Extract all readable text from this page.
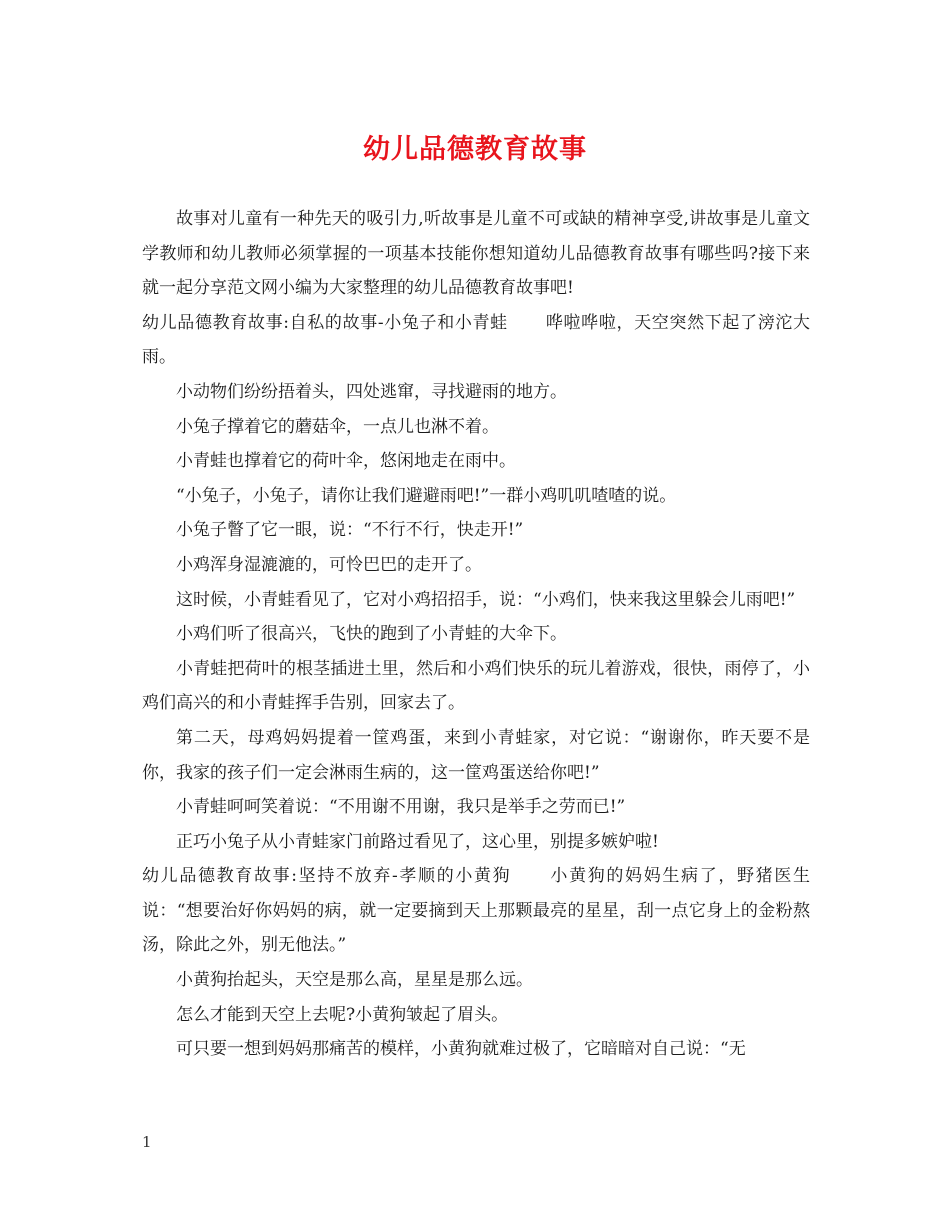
幼儿品德教育故事

故事对儿童有一种先天的吸引力,听故事是儿童不可或缺的精神享受,讲故事是儿童文学教师和幼儿教师必须掌握的一项基本技能你想知道幼儿品德教育故事有哪些吗?接下来就一起分享范文网小编为大家整理的幼儿品德教育故事吧!

幼儿品德教育故事:自私的故事-小兔子和小青蛙 哗啦哗啦，天空突然下起了滂沱大雨。

小动物们纷纷捂着头，四处逃窜，寻找避雨的地方。

小兔子撑着它的蘑菇伞，一点儿也淋不着。

小青蛙也撑着它的荷叶伞，悠闲地走在雨中。

“小兔子，小兔子，请你让我们避避雨吧!”一群小鸡叽叽喳喳的说。

小兔子瞥了它一眼，说：“不行不行，快走开!”

小鸡浑身湿漉漉的，可怜巴巴的走开了。

这时候，小青蛙看见了，它对小鸡招招手，说：“小鸡们，快来我这里躲会儿雨吧!”

小鸡们听了很高兴，飞快的跑到了小青蛙的大伞下。

小青蛙把荷叶的根茎插进土里，然后和小鸡们快乐的玩儿着游戏，很快，雨停了，小鸡们高兴的和小青蛙挥手告别，回家去了。

第二天，母鸡妈妈提着一筐鸡蛋，来到小青蛙家，对它说：“谢谢你，昨天要不是你，我家的孩子们一定会淋雨生病的，这一筐鸡蛋送给你吧!”

小青蛙呵呵笑着说：“不用谢不用谢，我只是举手之劳而已!”

正巧小兔子从小青蛙家门前路过看见了，这心里，别提多嫉妒啦!

幼儿品德教育故事:坚持不放弃-孝顺的小黄狗 小黄狗的妈妈生病了，野猪医生说：“想要治好你妈妈的病，就一定要摘到天上那颗最亮的星星，刮一点它身上的金粉熬汤，除此之外，别无他法。”

小黄狗抬起头，天空是那么高，星星是那么远。

怎么才能到天空上去呢?小黄狗皱起了眉头。

可只要一想到妈妈那痛苦的模样，小黄狗就难过极了，它暗暗对自己说：“无

1
